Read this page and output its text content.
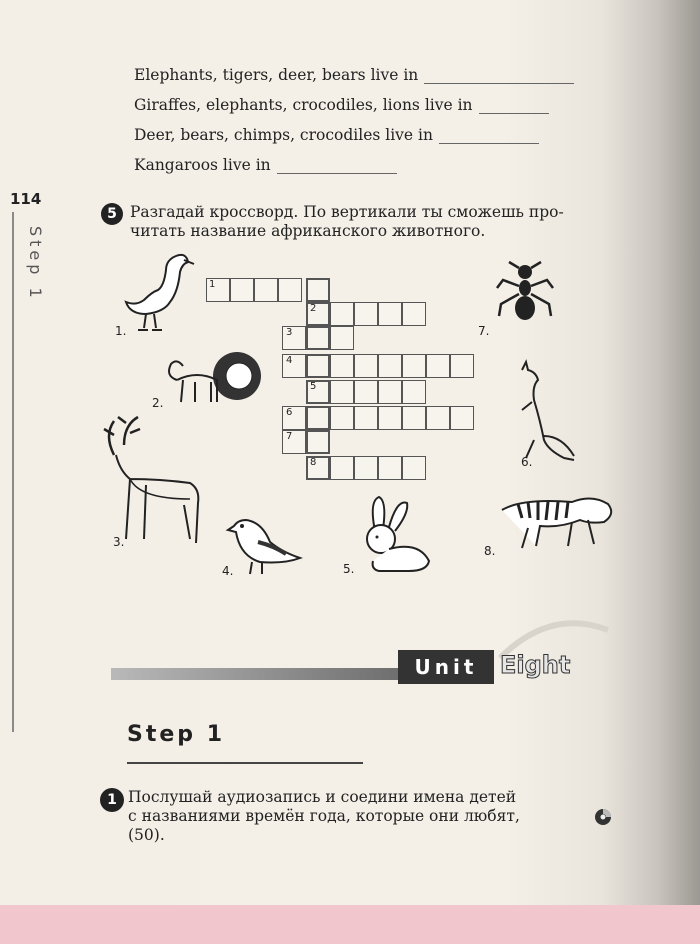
Elephants, tigers, deer, bears live in
Giraffes, elephants, crocodiles, lions live in
Deer, bears, chimps, crocodiles live in
Kangaroos live in
114
Step 1
5 Разгадай кроссворд. По вертикали ты сможешь про-
читать название африканского животного.
1
2
3
4
5
6
7
8
1.
2.
3.
4.	5.
6.
7.
8.
Unit Eight
Step 1
1 Послушай аудиозапись и соедини имена детей
с названиями времён года, которые они любят,
(50).
